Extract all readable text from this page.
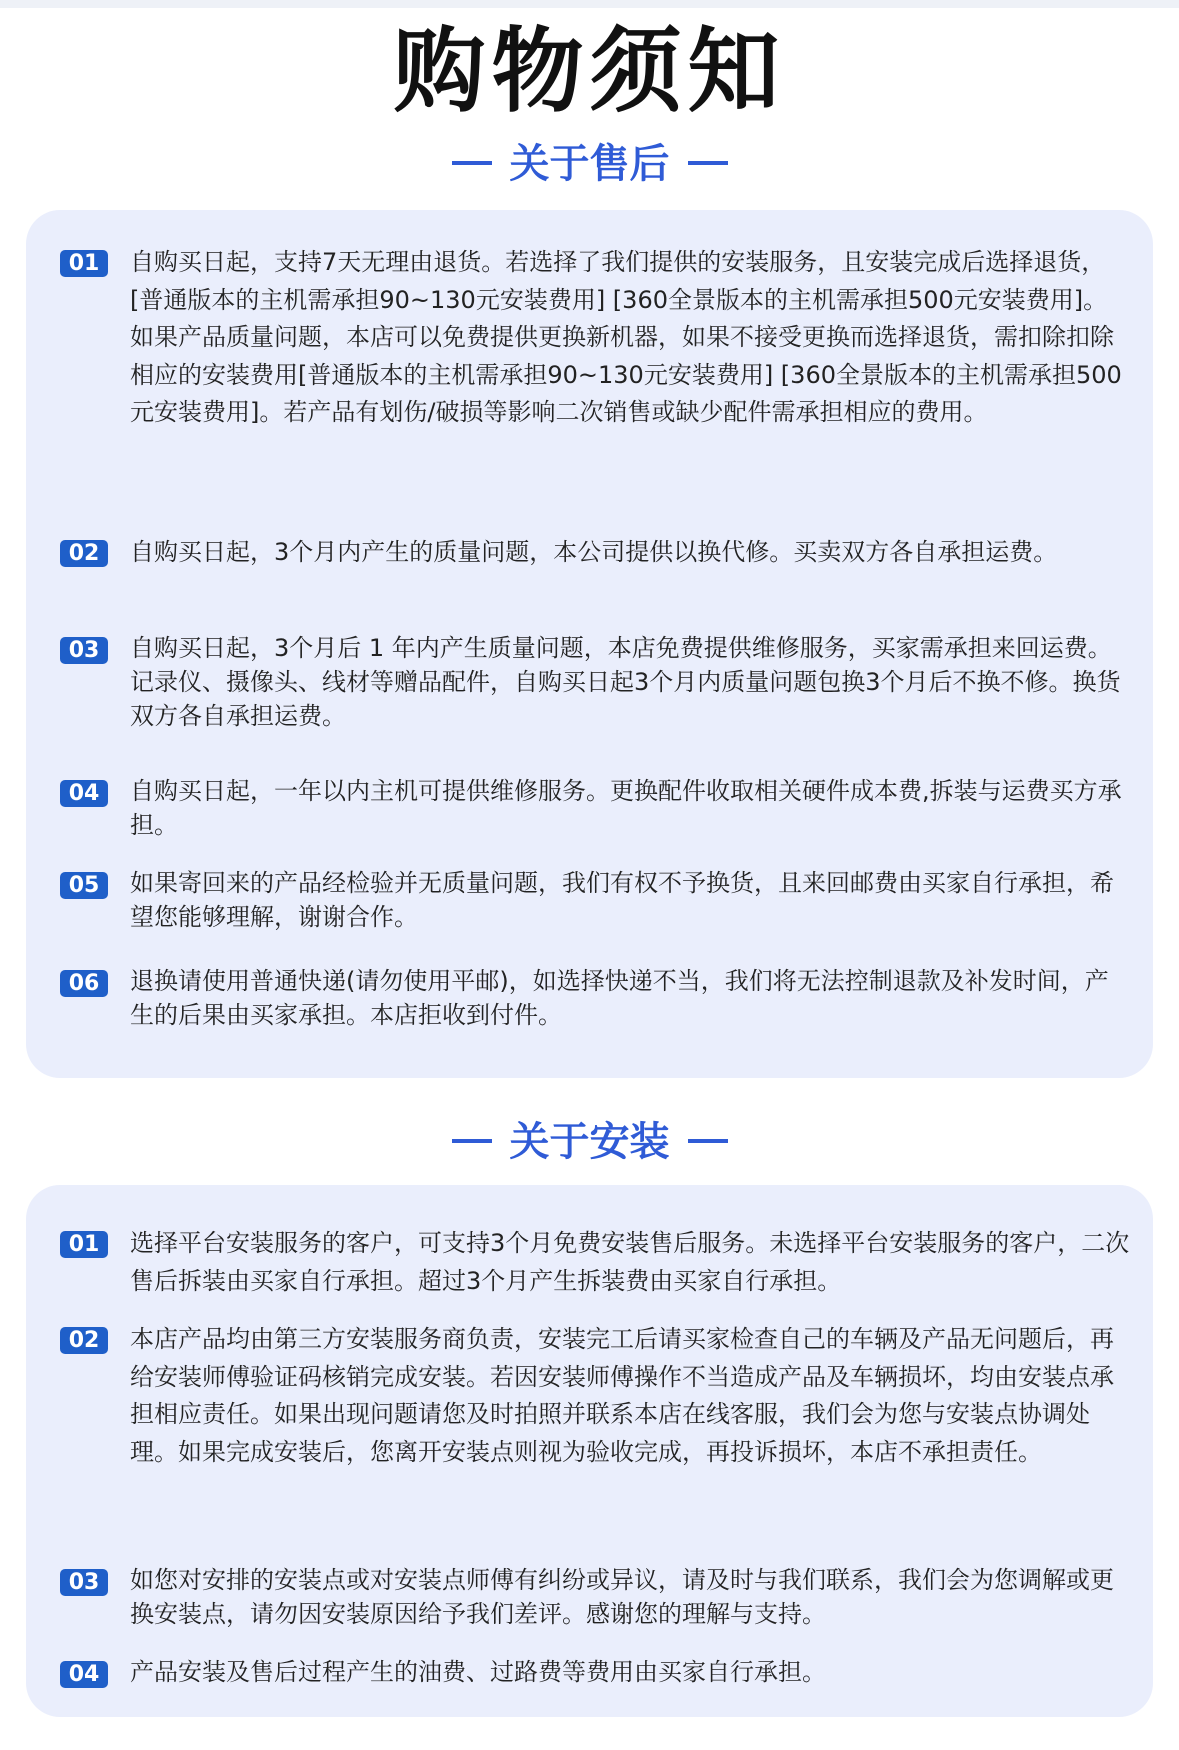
购物须知
关于售后
01	自购买日起，支持7天无理由退货。若选择了我们提供的安装服务，且安装完成后选择退货，[普通版本的主机需承担90~130元安装费用] [360全景版本的主机需承担500元安装费用]。如果产品质量问题，本店可以免费提供更换新机器，如果不接受更换而选择退货，需扣除扣除相应的安装费用[普通版本的主机需承担90~130元安装费用] [360全景版本的主机需承担500元安装费用]。若产品有划伤/破损等影响二次销售或缺少配件需承担相应的费用。
02	自购买日起，3个月内产生的质量问题，本公司提供以换代修。买卖双方各自承担运费。
03	自购买日起，3个月后 1 年内产生质量问题，本店免费提供维修服务，买家需承担来回运费。记录仪、摄像头、线材等赠品配件，自购买日起3个月内质量问题包换3个月后不换不修。换货双方各自承担运费。
04	自购买日起，一年以内主机可提供维修服务。更换配件收取相关硬件成本费,拆装与运费买方承担。
05	如果寄回来的产品经检验并无质量问题，我们有权不予换货，且来回邮费由买家自行承担，希望您能够理解，谢谢合作。
06	退换请使用普通快递(请勿使用平邮)，如选择快递不当，我们将无法控制退款及补发时间，产生的后果由买家承担。本店拒收到付件。
关于安装
01	选择平台安装服务的客户，可支持3个月免费安装售后服务。未选择平台安装服务的客户，二次售后拆装由买家自行承担。超过3个月产生拆装费由买家自行承担。
02	本店产品均由第三方安装服务商负责，安装完工后请买家检查自己的车辆及产品无问题后，再给安装师傅验证码核销完成安装。若因安装师傅操作不当造成产品及车辆损坏，均由安装点承担相应责任。如果出现问题请您及时拍照并联系本店在线客服，我们会为您与安装点协调处理。如果完成安装后，您离开安装点则视为验收完成，再投诉损坏，本店不承担责任。
03	如您对安排的安装点或对安装点师傅有纠纷或异议，请及时与我们联系，我们会为您调解或更换安装点，请勿因安装原因给予我们差评。感谢您的理解与支持。
04	产品安装及售后过程产生的油费、过路费等费用由买家自行承担。
